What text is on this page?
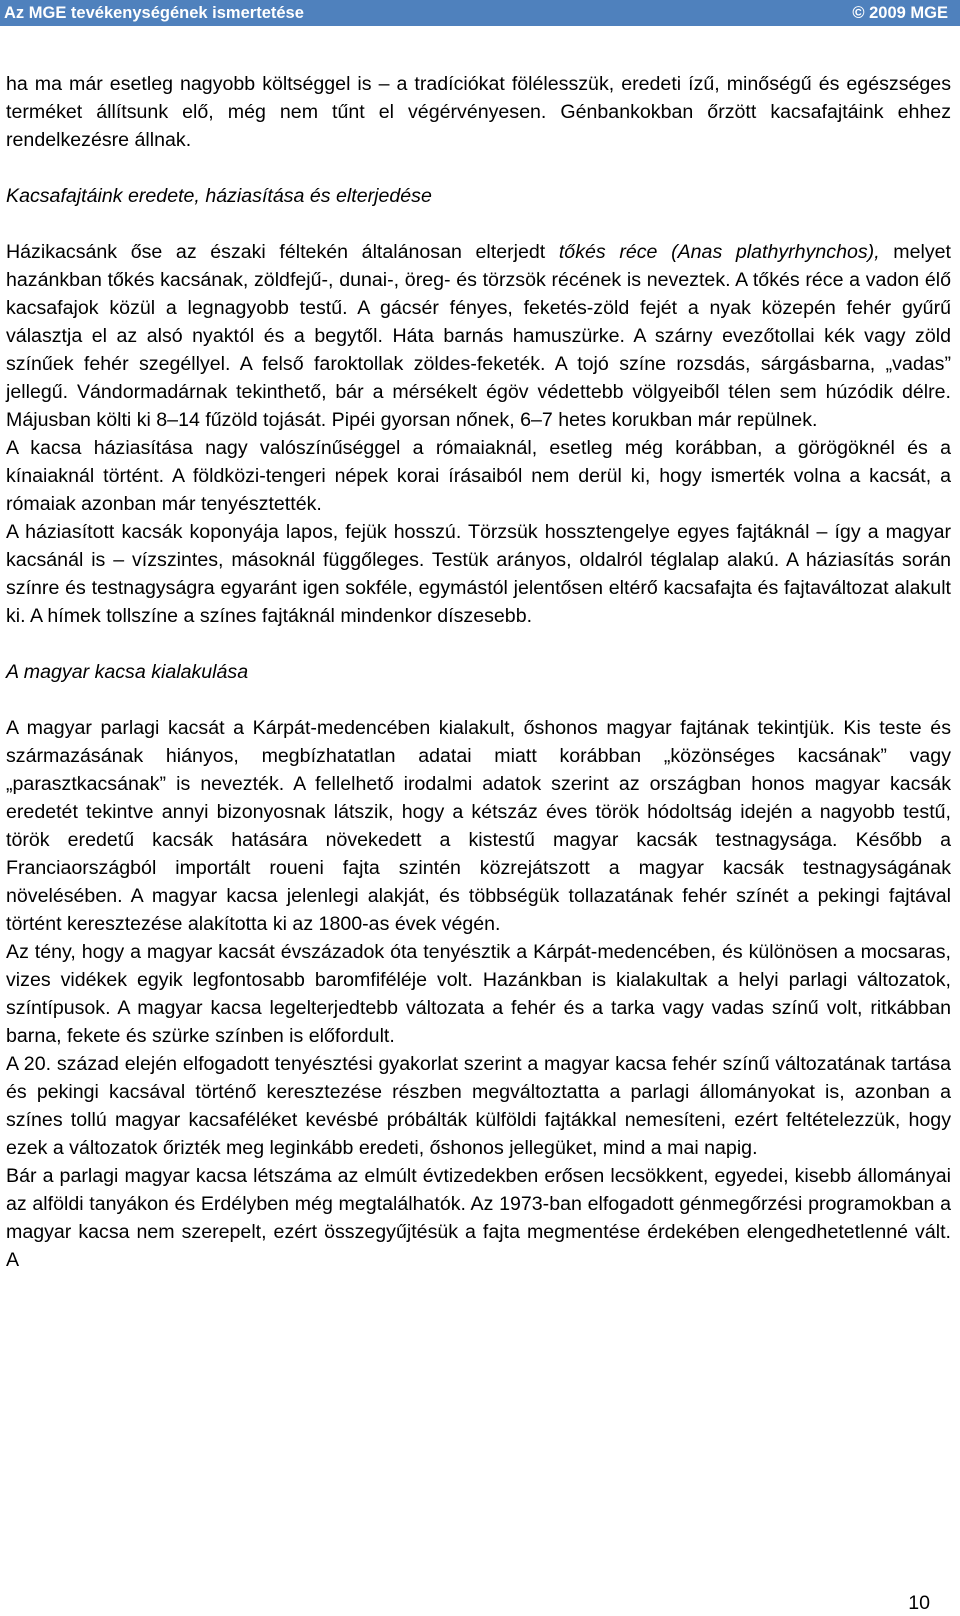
Az MGE tevékenységének ismertetése	© 2009 MGE

ha ma már esetleg nagyobb költséggel is – a tradíciókat fölélesszük, eredeti ízű, minőségű és egészséges terméket állítsunk elő, még nem tűnt el végérvényesen. Génbankokban őrzött kacsafajtáink ehhez rendelkezésre állnak.

Kacsafajtáink eredete, háziasítása és elterjedése

Házikacsánk őse az északi féltekén általánosan elterjedt tőkés réce (Anas plathyrhynchos), melyet hazánkban tőkés kacsának, zöldfejű-, dunai-, öreg- és törzsök récének is neveztek. A tőkés réce a vadon élő kacsafajok közül a legnagyobb testű. A gácsér fényes, feketés-zöld fejét a nyak közepén fehér gyűrű választja el az alsó nyaktól és a begytől. Háta barnás hamuszürke. A szárny evezőtollai kék vagy zöld színűek fehér szegéllyel. A felső faroktollak zöldes-feketék. A tojó színe rozsdás, sárgásbarna, „vadas” jellegű. Vándormadárnak tekinthető, bár a mérsékelt égöv védettebb völgyeiből télen sem húzódik délre. Májusban költi ki 8–14 fűzöld tojását. Pipéi gyorsan nőnek, 6–7 hetes korukban már repülnek.

A kacsa háziasítása nagy valószínűséggel a rómaiaknál, esetleg még korábban, a görögöknél és a kínaiaknál történt. A földközi-tengeri népek korai írásaiból nem derül ki, hogy ismerték volna a kacsát, a rómaiak azonban már tenyésztették.

A háziasított kacsák koponyája lapos, fejük hosszú. Törzsük hossztengelye egyes fajtáknál – így a magyar kacsánál is – vízszintes, másoknál függőleges. Testük arányos, oldalról téglalap alakú. A háziasítás során színre és testnagyságra egyaránt igen sokféle, egymástól jelentősen eltérő kacsafajta és fajtaváltozat alakult ki. A hímek tollszíne a színes fajtáknál mindenkor díszesebb.

A magyar kacsa kialakulása

A magyar parlagi kacsát a Kárpát-medencében kialakult, őshonos magyar fajtának tekintjük. Kis teste és származásának hiányos, megbízhatatlan adatai miatt korábban „közönséges kacsának” vagy „parasztkacsának” is nevezték. A fellelhető irodalmi adatok szerint az országban honos magyar kacsák eredetét tekintve annyi bizonyosnak látszik, hogy a kétszáz éves török hódoltság idején a nagyobb testű, török eredetű kacsák hatására növekedett a kistestű magyar kacsák testnagysága. Később a Franciaországból importált roueni fajta szintén közrejátszott a magyar kacsák testnagyságának növelésében. A magyar kacsa jelenlegi alakját, és többségük tollazatának fehér színét a pekingi fajtával történt keresztezése alakította ki az 1800-as évek végén.

Az tény, hogy a magyar kacsát évszázadok óta tenyésztik a Kárpát-medencében, és különösen a mocsaras, vizes vidékek egyik legfontosabb baromfiféléje volt. Hazánkban is kialakultak a helyi parlagi változatok, színtípusok. A magyar kacsa legelterjedtebb változata a fehér és a tarka vagy vadas színű volt, ritkábban barna, fekete és szürke színben is előfordult.

A 20. század elején elfogadott tenyésztési gyakorlat szerint a magyar kacsa fehér színű változatának tartása és pekingi kacsával történő keresztezése részben megváltoztatta a parlagi állományokat is, azonban a színes tollú magyar kacsaféléket kevésbé próbálták külföldi fajtákkal nemesíteni, ezért feltételezzük, hogy ezek a változatok őrizték meg leginkább eredeti, őshonos jellegüket, mind a mai napig.

Bár a parlagi magyar kacsa létszáma az elmúlt évtizedekben erősen lecsökkent, egyedei, kisebb állományai az alföldi tanyákon és Erdélyben még megtalálhatók. Az 1973-ban elfogadott génmegőrzési programokban a magyar kacsa nem szerepelt, ezért összegyűjtésük a fajta megmentése érdekében elengedhetetlenné vált. A

10
